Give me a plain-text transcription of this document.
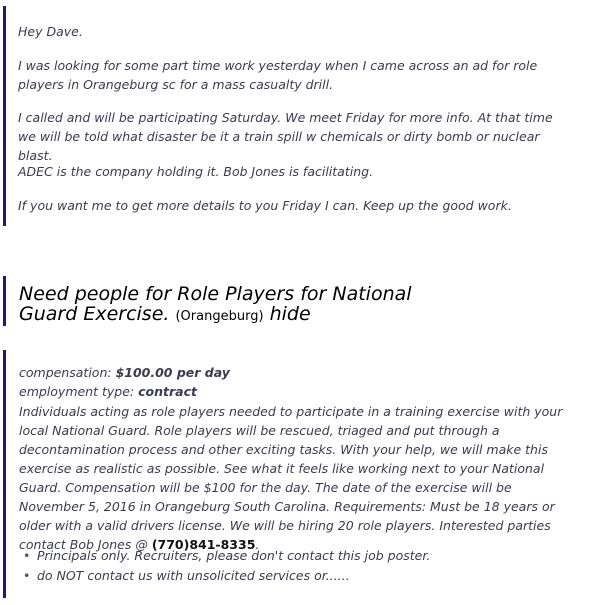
Hey Dave.

I was looking for some part time work yesterday when I came across an ad for role players in Orangeburg sc for a mass casualty drill.

I called and will be participating Saturday. We meet Friday for more info. At that time we will be told what disaster be it a train spill w chemicals or dirty bomb or nuclear blast.

ADEC is the company holding it. Bob Jones is facilitating.

If you want me to get more details to you Friday I can. Keep up the good work.

Need people for Role Players for National Guard Exercise. (Orangeburg) hide

compensation: $100.00 per day

employment type: contract

Individuals acting as role players needed to participate in a training exercise with your local National Guard. Role players will be rescued, triaged and put through a decontamination process and other exciting tasks. With your help, we will make this exercise as realistic as possible. See what it feels like working next to your National Guard. Compensation will be $100 for the day. The date of the exercise will be November 5, 2016 in Orangeburg South Carolina. Requirements: Must be 18 years or older with a valid drivers license. We will be hiring 20 role players. Interested parties contact Bob Jones @ (770)841-8335.

• Principals only. Recruiters, please don't contact this job poster.
• do NOT contact us with unsolicited services or......
